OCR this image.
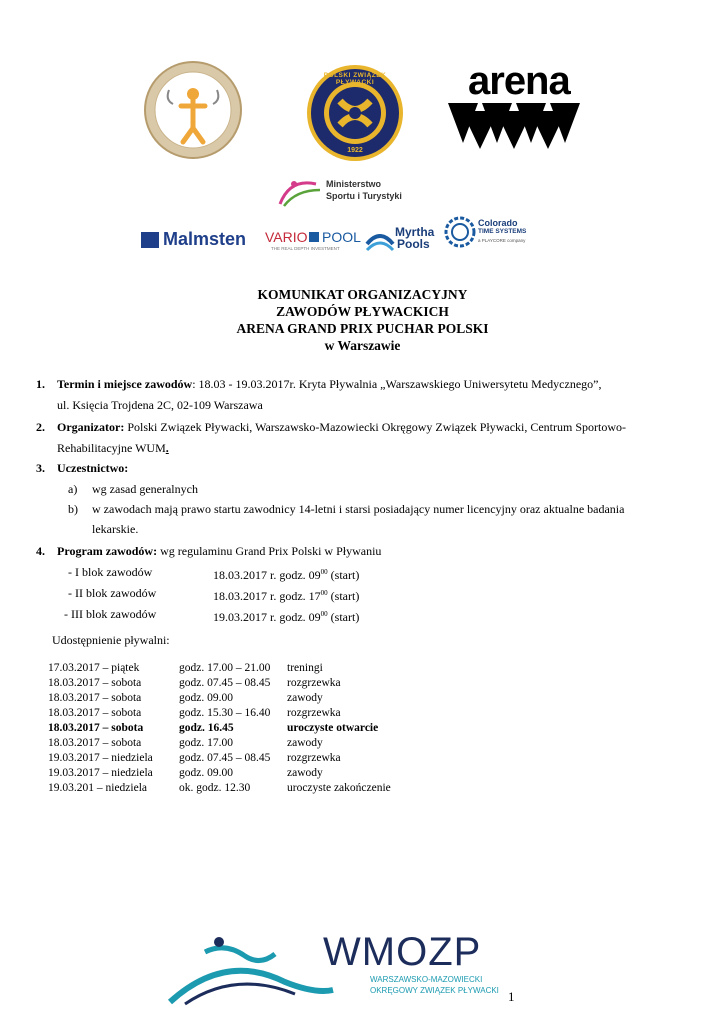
POLSKI ZWIĄZEK PŁYWACKI
1922
arena
Ministerstwo
Sportu i Turystyki
Malmsten VARIO POOL
THE REAL DEPTH INVESTMENT
Myrtha
Pools
Colorado
TIME SYSTEMS
a PLAYCORE company
KOMUNIKAT ORGANIZACYJNY
ZAWODÓW PŁYWACKICH
ARENA GRAND PRIX PUCHAR POLSKI
w Warszawie
1. Termin i miejsce zawodów: 18.03 - 19.03.2017r. Kryta Pływalnia „Warszawskiego Uniwersytetu Medycznego”,
ul. Księcia Trojdena 2C, 02-109 Warszawa
2. Organizator: Polski Związek Pływacki, Warszawsko-Mazowiecki Okręgowy Związek Pływacki, Centrum Sportowo-
Rehabilitacyjne WUM.
3. Uczestnictwo:
a) wg zasad generalnych
b) w zawodach mają prawo startu zawodnicy 14-letni i starsi posiadający numer licencyjny oraz aktualne badania
lekarskie.
4. Program zawodów: wg regulaminu Grand Prix Polski w Pływaniu
- I blok zawodów	18.03.2017 r. godz. $09^{00}$ (start)
- II blok zawodów	18.03.2017 r. godz. $17^{00}$ (start)
- III blok zawodów	19.03.2017 r. godz. $09^{00}$ (start)
Udostępnienie pływalni:
17.03.2017 – piątek	godz. 17.00 – 21.00	treningi
18.03.2017 – sobota	godz. 07.45 – 08.45	rozgrzewka
18.03.2017 – sobota	godz. 09.00	zawody
18.03.2017 – sobota	godz. 15.30 – 16.40	rozgrzewka
18.03.2017 – sobota	godz. 16.45	uroczyste otwarcie
18.03.2017 – sobota	godz. 17.00	zawody
19.03.2017 – niedziela	godz. 07.45 – 08.45	rozgrzewka
19.03.2017 – niedziela	godz. 09.00	zawody
19.03.201 – niedziela	ok. godz. 12.30	uroczyste zakończenie
WMOZP
WARSZAWSKO-MAZOWIECKI
OKRĘGOWY ZWIĄZEK PŁYWACKI 1
